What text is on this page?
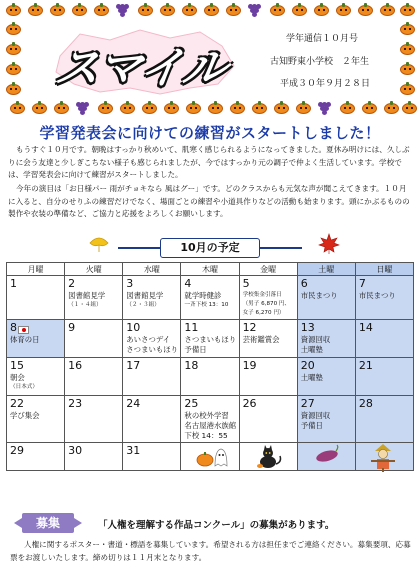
スマイル
学年通信１０月号
古知野東小学校　２年生
平成３０年９月２８日
学習発表会に向けての練習がスタートしました！

もうすぐ１０月です。朝晩はすっかり秋めいて、肌寒く感じられるようになってきました。夏休み明けには、久しぶりに会う友達と少しぎこちない様子も感じられましたが、今ではすっかり元の調子で仲よく生活しています。学校では、学習発表会に向けて練習がスタートしました。

今年の演目は「お日様パー 雨がチョキなら 風はグー」です。どのクラスからも元気な声が聞こえてきます。１０月に入ると、自分のせりふの練習だけでなく、場面ごとの練習や小道具作りなどの活動も始まります。頭にかぶるものの製作や衣装の準備など、ご協力と応援をよろしくお願いします。

10月の予定
月曜	火曜	水曜	木曜	金曜	土曜	日曜

1	2
図書館見学
（１・４組）	3
図書館見学
（２・３組）	4
就学時健診
一斉下校 13：10	5
学校集金引落日
（男子 6,870 円、
女子 6,270 円）	6
市民まつり	7
市民まつり

8

体育の日	9	10
あいさつデイ
さつまいもほり	11
さつまいもほり
予備日	12
芸術鑑賞会	13
資源回収
土曜塾	14

15
朝会
（日本式）	16	17	18	19	20
土曜塾	21

22
学び集会	23	24	25
秋の校外学習
名古屋港水族館
下校 14：55	26	27
資源回収
予備日	28

29	30	31

募集	「人権を理解する作品コンクール」の募集があります。

人権に関するポスター・書道・標語を募集しています。希望される方は担任までご連絡ください。募集要項、応募票をお渡しいたします。締め切りは１１月末となります。
